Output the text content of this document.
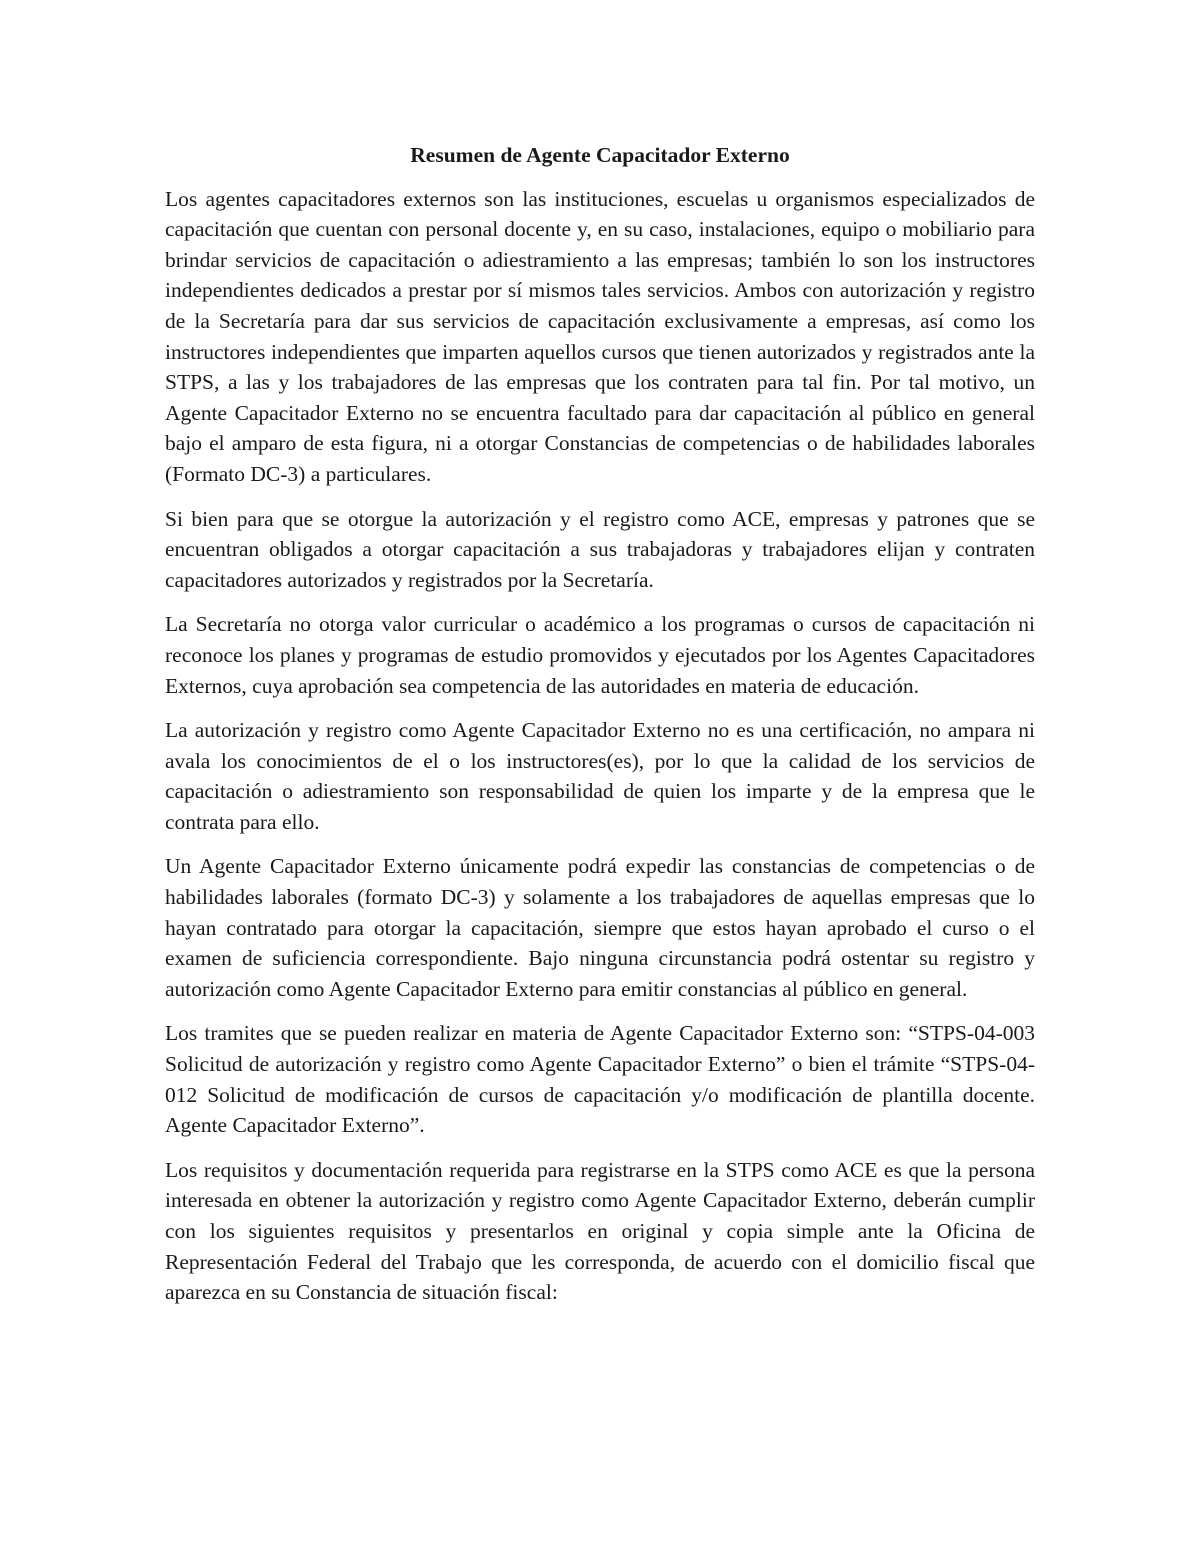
Resumen de Agente Capacitador Externo

Los agentes capacitadores externos son las instituciones, escuelas u organismos especializados de capacitación que cuentan con personal docente y, en su caso, instalaciones, equipo o mobiliario para brindar servicios de capacitación o adiestramiento a las empresas; también lo son los instructores independientes dedicados a prestar por sí mismos tales servicios. Ambos con autorización y registro de la Secretaría para dar sus servicios de capacitación exclusivamente a empresas, así como los instructores independientes que imparten aquellos cursos que tienen autorizados y registrados ante la STPS, a las y los trabajadores de las empresas que los contraten para tal fin. Por tal motivo, un Agente Capacitador Externo no se encuentra facultado para dar capacitación al público en general bajo el amparo de esta figura, ni a otorgar Constancias de competencias o de habilidades laborales (Formato DC-3) a particulares.

Si bien para que se otorgue la autorización y el registro como ACE, empresas y patrones que se encuentran obligados a otorgar capacitación a sus trabajadoras y trabajadores elijan y contraten capacitadores autorizados y registrados por la Secretaría.

La Secretaría no otorga valor curricular o académico a los programas o cursos de capacitación ni reconoce los planes y programas de estudio promovidos y ejecutados por los Agentes Capacitadores Externos, cuya aprobación sea competencia de las autoridades en materia de educación.

La autorización y registro como Agente Capacitador Externo no es una certificación, no ampara ni avala los conocimientos de el o los instructores(es), por lo que la calidad de los servicios de capacitación o adiestramiento son responsabilidad de quien los imparte y de la empresa que le contrata para ello.

Un Agente Capacitador Externo únicamente podrá expedir las constancias de competencias o de habilidades laborales (formato DC-3) y solamente a los trabajadores de aquellas empresas que lo hayan contratado para otorgar la capacitación, siempre que estos hayan aprobado el curso o el examen de suficiencia correspondiente. Bajo ninguna circunstancia podrá ostentar su registro y autorización como Agente Capacitador Externo para emitir constancias al público en general.

Los tramites que se pueden realizar en materia de Agente Capacitador Externo son: “STPS-04-003 Solicitud de autorización y registro como Agente Capacitador Externo” o bien el trámite “STPS-04-012 Solicitud de modificación de cursos de capacitación y/o modificación de plantilla docente. Agente Capacitador Externo”.

Los requisitos y documentación requerida para registrarse en la STPS como ACE es que la persona interesada en obtener la autorización y registro como Agente Capacitador Externo, deberán cumplir con los siguientes requisitos y presentarlos en original y copia simple ante la Oficina de Representación Federal del Trabajo que les corresponda, de acuerdo con el domicilio fiscal que aparezca en su Constancia de situación fiscal:
